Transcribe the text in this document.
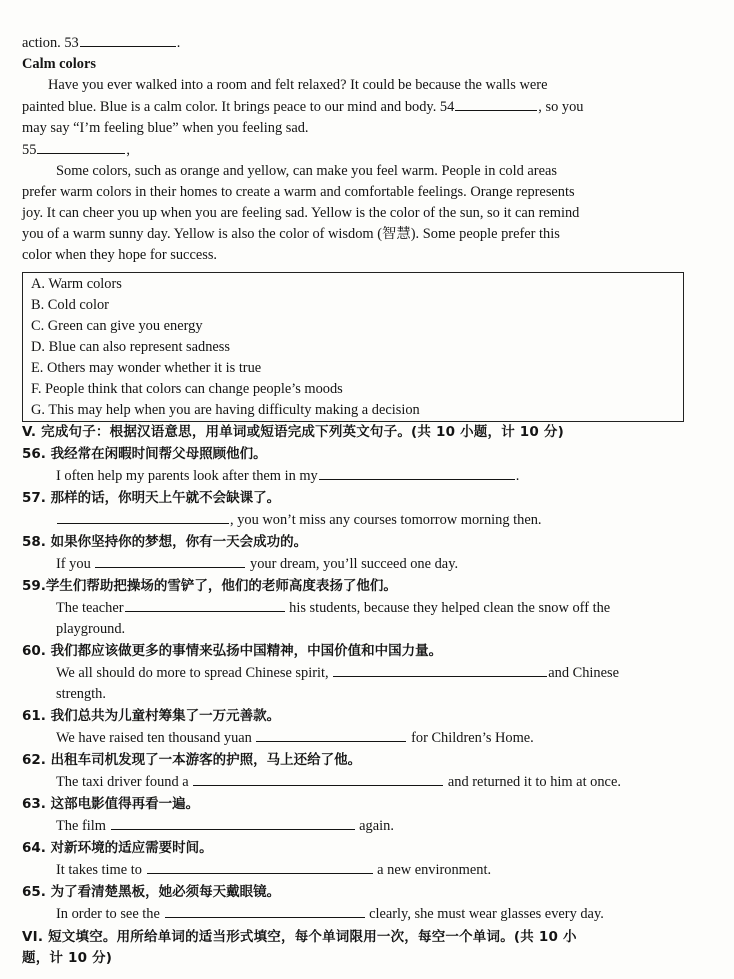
action. 53	.
Calm colors
Have you ever walked into a room and felt relaxed? It could be because the walls were
painted blue. Blue is a calm color. It brings peace to our mind and body. 54	, so you
may say “I’m feeling blue” when you feeling sad.
55	,
Some colors, such as orange and yellow, can make you feel warm. People in cold areas
prefer warm colors in their homes to create a warm and comfortable feelings. Orange represents
joy. It can cheer you up when you are feeling sad. Yellow is the color of the sun, so it can remind
you of a warm sunny day. Yellow is also the color of wisdom (智慧). Some people prefer this
color when they hope for success.
A. Warm colors
B. Cold color
C. Green can give you energy
D. Blue can also represent sadness
E. Others may wonder whether it is true
F. People think that colors can change people’s moods
G. This may help when you are having difficulty making a decision
V. 完成句子：根据汉语意思，用单词或短语完成下列英文句子。(共 10 小题，计 10 分)
56. 我经常在闲暇时间帮父母照顾他们。
I often help my parents look after them in my	.
57. 那样的话，你明天上午就不会缺课了。
, you won’t miss any courses tomorrow morning then.
58. 如果你坚持你的梦想，你有一天会成功的。
If you	your dream, you’ll succeed one day.
59.学生们帮助把操场的雪铲了，他们的老师高度表扬了他们。
The teacher	his students, because they helped clean the snow off the
playground.
60. 我们都应该做更多的事情来弘扬中国精神，中国价值和中国力量。
We all should do more to spread Chinese spirit,	and Chinese
strength.
61. 我们总共为儿童村筹集了一万元善款。
We have raised ten thousand yuan	for Children’s Home.
62. 出租车司机发现了一本游客的护照，马上还给了他。
The taxi driver found a	and returned it to him at once.
63. 这部电影值得再看一遍。
The film	again.
64. 对新环境的适应需要时间。
It takes time to	a new environment.
65. 为了看清楚黑板，她必须每天戴眼镜。
In order to see the	clearly, she must wear glasses every day.
VI. 短文填空。用所给单词的适当形式填空，每个单词限用一次，每空一个单词。(共 10 小
题，计 10 分)
